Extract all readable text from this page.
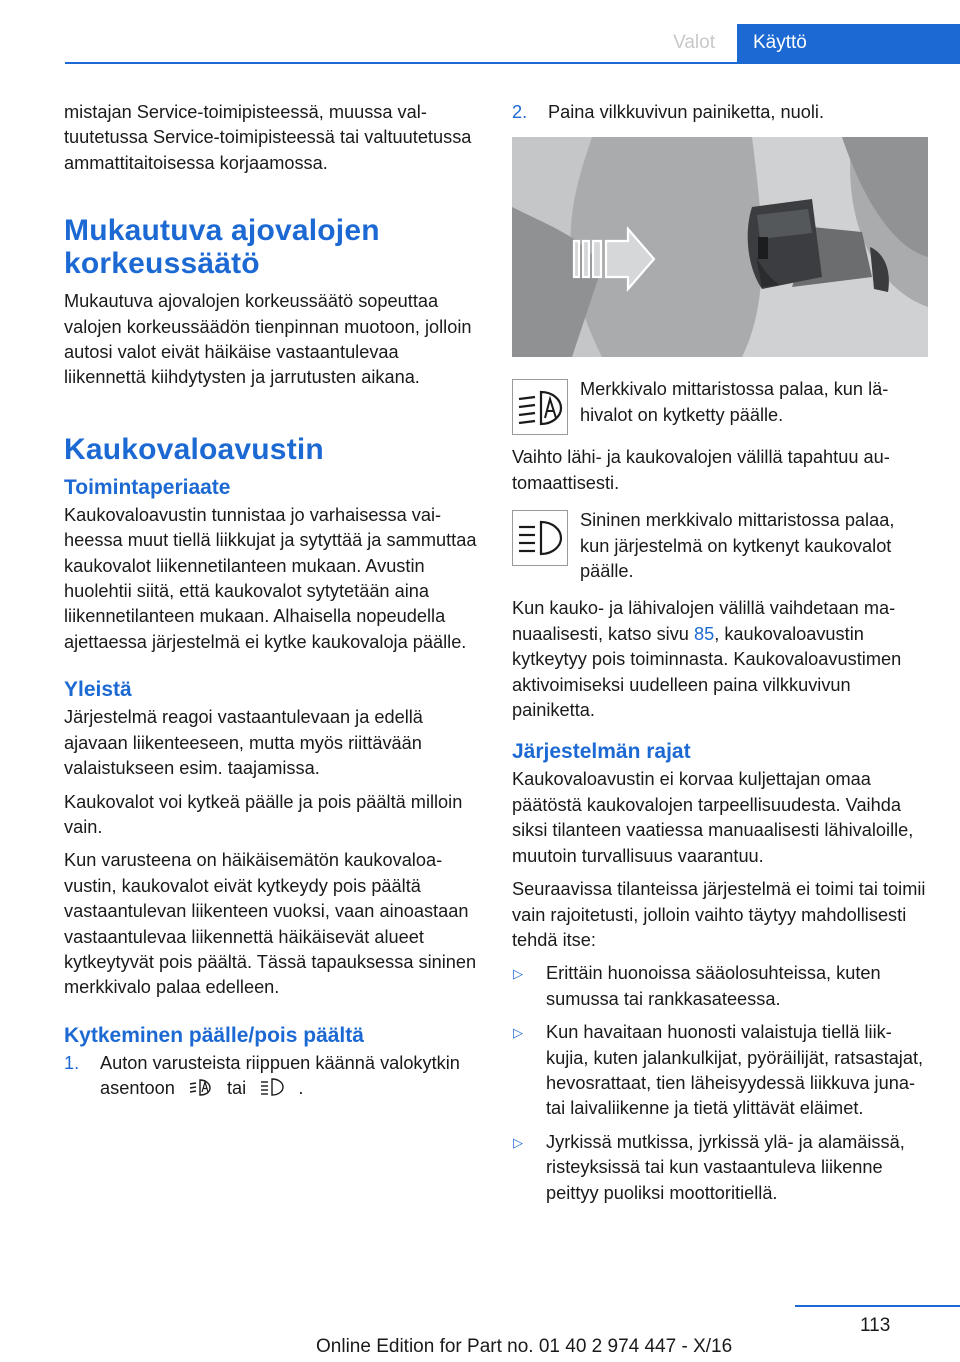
Valot	Käyttö

mistajan Service-toimipisteessä, muussa valtuutetussa Service-toimipisteessä tai valtuutetussa ammattitaitoisessa korjaamossa.

Mukautuva ajovalojen korkeussäätö

Mukautuva ajovalojen korkeussäätö sopeuttaa valojen korkeussäädön tienpinnan muotoon, jolloin autosi valot eivät häikäise vastaantulevaa liikennettä kiihdytysten ja jarrutusten aikana.

Kaukovaloavustin
Toimintaperiaate

Kaukovaloavustin tunnistaa jo varhaisessa vaiheessa muut tiellä liikkujat ja sytyttää ja sammuttaa kaukovalot liikennetilanteen mukaan. Avustin huolehtii siitä, että kaukovalot sytytetään aina liikennetilanteen mukaan. Alhaisella nopeudella ajettaessa järjestelmä ei kytke kaukovaloja päälle.

Yleistä

Järjestelmä reagoi vastaantulevaan ja edellä ajavaan liikenteeseen, mutta myös riittävään valaistukseen esim. taajamissa.

Kaukovalot voi kytkeä päälle ja pois päältä milloin vain.

Kun varusteena on häikäisemätön kaukovaloavustin, kaukovalot eivät kytkeydy pois päältä vastaantulevan liikenteen vuoksi, vaan ainoastaan vastaantulevaa liikennettä häikäisevät alueet kytkeytyvät pois päältä. Tässä tapauksessa sininen merkkivalo palaa edelleen.

Kytkeminen päälle/pois päältä
1. Auton varusteista riippuen käännä valokytkin asentoon	tai	.
2. Paina vilkkuvivun painiketta, nuoli.
Merkkivalo mittaristossa palaa, kun lähivalot on kytketty päälle.

Vaihto lähi- ja kaukovalojen välillä tapahtuu automaattisesti.

Sininen merkkivalo mittaristossa palaa, kun järjestelmä on kytkenyt kaukovalot päälle.

Kun kauko- ja lähivalojen välillä vaihdetaan manuaalisesti, katso sivu 85, kaukovaloavustin kytkeytyy pois toiminnasta. Kaukovaloavustimen aktivoimiseksi uudelleen paina vilkkuvivun painiketta.

Järjestelmän rajat

Kaukovaloavustin ei korvaa kuljettajan omaa päätöstä kaukovalojen tarpeellisuudesta. Vaihda siksi tilanteen vaatiessa manuaalisesti lähivaloille, muutoin turvallisuus vaarantuu.

Seuraavissa tilanteissa järjestelmä ei toimi tai toimii vain rajoitetusti, jolloin vaihto täytyy mahdollisesti tehdä itse:

▷ Erittäin huonoissa sääolosuhteissa, kuten sumussa tai rankkasateessa.
▷ Kun havaitaan huonosti valaistuja tiellä liikkujia, kuten jalankulkijat, pyöräilijät, ratsastajat, hevosrattaat, tien läheisyydessä liikkuva juna- tai laivaliikenne ja tietä ylittävät eläimet.
▷ Jyrkissä mutkissa, jyrkissä ylä- ja alamäissä, risteyksissä tai kun vastaantuleva liikenne peittyy puoliksi moottoritiellä.
113
Online Edition for Part no. 01 40 2 974 447 - X/16
